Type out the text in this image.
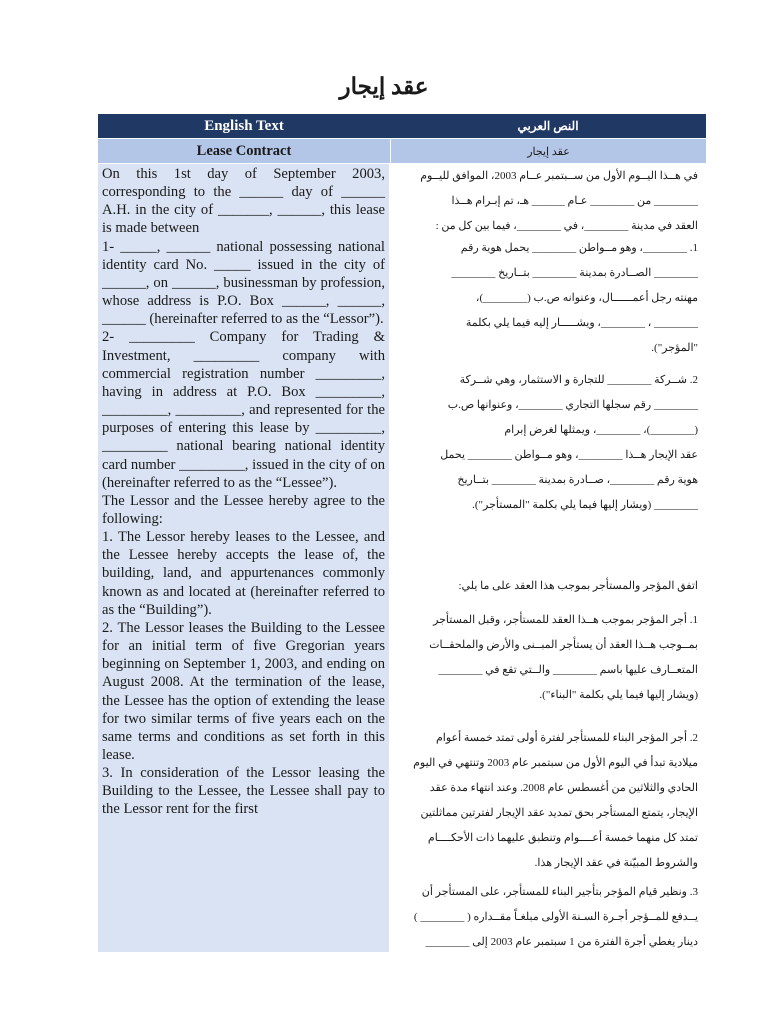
عقد إيجار
English Text	النص العربي
Lease Contract	عقد إيجار

On this 1st day of September 2003, corresponding to the ______ day of ______ A.H. in the city of _______, ______, this lease is made between

1- _____, ______ national possessing national identity card No. _____ issued in the city of ______, on ______, businessman by profession, whose address is P.O. Box ______, ______, ______ (hereinafter referred to as the “Lessor”).

2- _________ Company for Trading & Investment, _________ company with commercial registration number _________, having in address at P.O. Box _________, _________, _________, and represented for the purposes of entering this lease by _________, _________ national bearing national identity card number _________, issued in the city of on (hereinafter referred to as the “Lessee”).

The Lessor and the Lessee hereby agree to the following:

1. The Lessor hereby leases to the Lessee, and the Lessee hereby accepts the lease of, the building, land, and appurtenances commonly known as and located at (hereinafter referred to as the “Building”).

2. The Lessor leases the Building to the Lessee for an initial term of five Gregorian years beginning on September 1, 2003, and ending on August 2008. At the termination of the lease, the Lessee has the option of extending the lease for two similar terms of five years each on the same terms and conditions as set forth in this lease.

3. In consideration of the Lessor leasing the Building to the Lessee, the Lessee shall pay to the Lessor rent for the first

في هــذا اليــوم الأول من ســبتمبر عــام 2003، الموافق لليــوم
________ من ________ عـام ______ هـ، تم إبـرام هــذا
العقد في مدينة ________، في ________، فيما بين كل من :
1. ________، وهو مــواطن ________ يحمل هوية رقم
________ الصــادرة بمدينة ________ بتــاريخ ________
مهنته رجل أعمــــــال، وعنوانه ص.ب (________)،
________ ، ________، ويشـــــار إليه فيما يلي بكلمة
"المؤجر").
2. شــركة ________ للتجارة و الاستثمار، وهي شــركة
________ رقم سجلها التجاري ________، وعنوانها ص.ب
(________)، ________، ويمثلها لغرض إبرام
عقد الإيجار هــذا ________، وهو مــواطن ________ يحمل
هوية رقم ________، صــادرة بمدينة ________ بتــاريخ
________ (ويشار إليها فيما يلي بكلمة "المستأجر").
اتفق المؤجر والمستأجر بموجب هذا العقد على ما يلي:
1. أجر المؤجر بموجب هــذا العقد للمستأجر، وقبل المستأجر
بمــوجب هــذا العقد أن يستأجر المبــنى والأرض والملحقــات
المتعــارف عليها باسم ________ والــتي تقع في ________
(ويشار إليها فيما يلي بكلمة "البناء").
2. أجر المؤجر البناء للمستأجر لفترة أولى تمتد خمسة أعوام
ميلادية تبدأ في اليوم الأول من سبتمبر عام 2003 وتنتهي في اليوم
الحادي والثلاثين من أغسطس عام 2008. وعند انتهاء مدة عقد
الإيجار، يتمتع المستأجر بحق تمديد عقد الإيجار لفترتين مماثلتين
تمتد كل منهما خمسة أعــــوام وتنطبق عليهما ذات الأحكــــام
والشروط المبيّنة في عقد الإيجار هذا.
3. ونظير قيام المؤجر بتأجير البناء للمستأجر، على المستأجر أن
يــدفع للمــؤجر أجـرة السـنة الأولى مبلغـاً مقــداره ( ________ )
دينار يغطي أجرة الفترة من 1 سبتمبر عام 2003 إلى ________
